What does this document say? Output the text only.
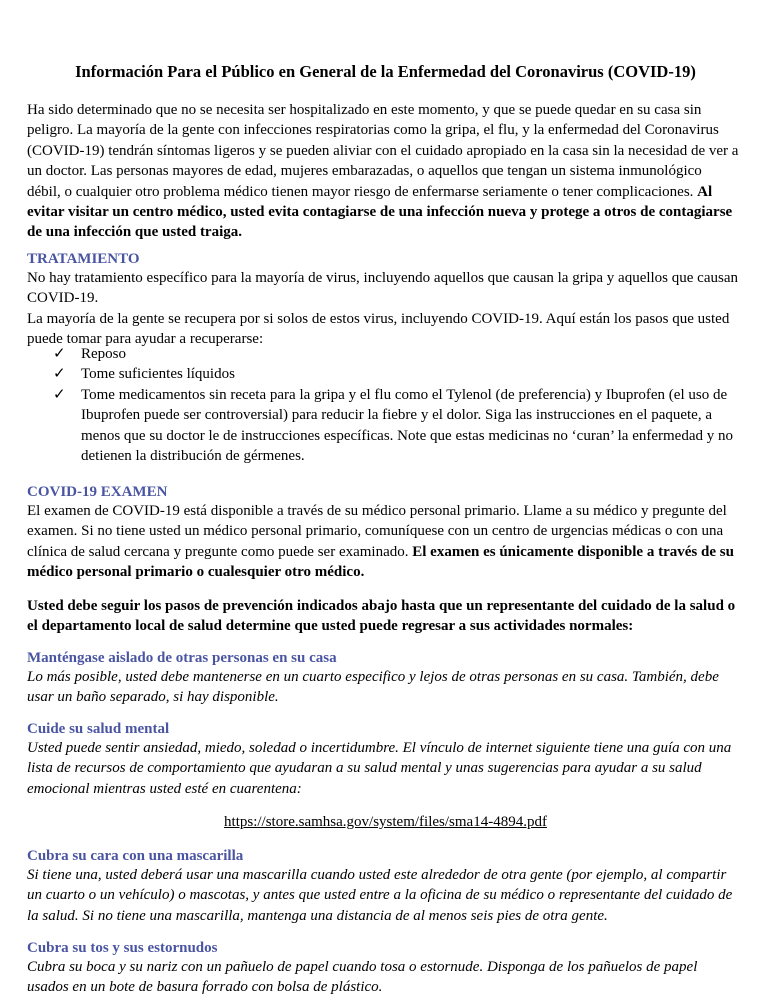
Información Para el Público en General de la Enfermedad del Coronavirus (COVID-19)

Ha sido determinado que no se necesita ser hospitalizado en este momento, y que se puede quedar en su casa sin peligro. La mayoría de la gente con infecciones respiratorias como la gripa, el flu, y la enfermedad del Coronavirus (COVID-19) tendrán síntomas ligeros y se pueden aliviar con el cuidado apropiado en la casa sin la necesidad de ver a un doctor. Las personas mayores de edad, mujeres embarazadas, o aquellos que tengan un sistema inmunológico débil, o cualquier otro problema médico tienen mayor riesgo de enfermarse seriamente o tener complicaciones. Al evitar visitar un centro médico, usted evita contagiarse de una infección nueva y protege a otros de contagiarse de una infección que usted traiga.

TRATAMIENTO

No hay tratamiento específico para la mayoría de virus, incluyendo aquellos que causan la gripa y aquellos que causan COVID-19.

La mayoría de la gente se recupera por si solos de estos virus, incluyendo COVID-19. Aquí están los pasos que usted puede tomar para ayudar a recuperarse:

✓ Reposo
✓ Tome suficientes líquidos
✓ Tome medicamentos sin receta para la gripa y el flu como el Tylenol (de preferencia) y Ibuprofen (el uso de Ibuprofen puede ser controversial) para reducir la fiebre y el dolor. Siga las instrucciones en el paquete, a menos que su doctor le de instrucciones específicas. Note que estas medicinas no ‘curan’ la enfermedad y no detienen la distribución de gérmenes.
COVID-19 EXAMEN

El examen de COVID-19 está disponible a través de su médico personal primario. Llame a su médico y pregunte del examen. Si no tiene usted un médico personal primario, comuníquese con un centro de urgencias médicas o con una clínica de salud cercana y pregunte como puede ser examinado. El examen es únicamente disponible a través de su médico personal primario o cualesquier otro médico.

Usted debe seguir los pasos de prevención indicados abajo hasta que un representante del cuidado de la salud o el departamento local de salud determine que usted puede regresar a sus actividades normales:

Manténgase aislado de otras personas en su casa

Lo más posible, usted debe mantenerse en un cuarto especifico y lejos de otras personas en su casa. También, debe usar un baño separado, si hay disponible.

Cuide su salud mental

Usted puede sentir ansiedad, miedo, soledad o incertidumbre. El vínculo de internet siguiente tiene una guía con una lista de recursos de comportamiento que ayudaran a su salud mental y unas sugerencias para ayudar a su salud emocional mientras usted esté en cuarentena:

https://store.samhsa.gov/system/files/sma14-4894.pdf

Cubra su cara con una mascarilla

Si tiene una, usted deberá usar una mascarilla cuando usted este alrededor de otra gente (por ejemplo, al compartir un cuarto o un vehículo) o mascotas, y antes que usted entre a la oficina de su médico o representante del cuidado de la salud. Si no tiene una mascarilla, mantenga una distancia de al menos seis pies de otra gente.

Cubra su tos y sus estornudos

Cubra su boca y su nariz con un pañuelo de papel cuando tosa o estornude. Disponga de los pañuelos de papel usados en un bote de basura forrado con bolsa de plástico.
